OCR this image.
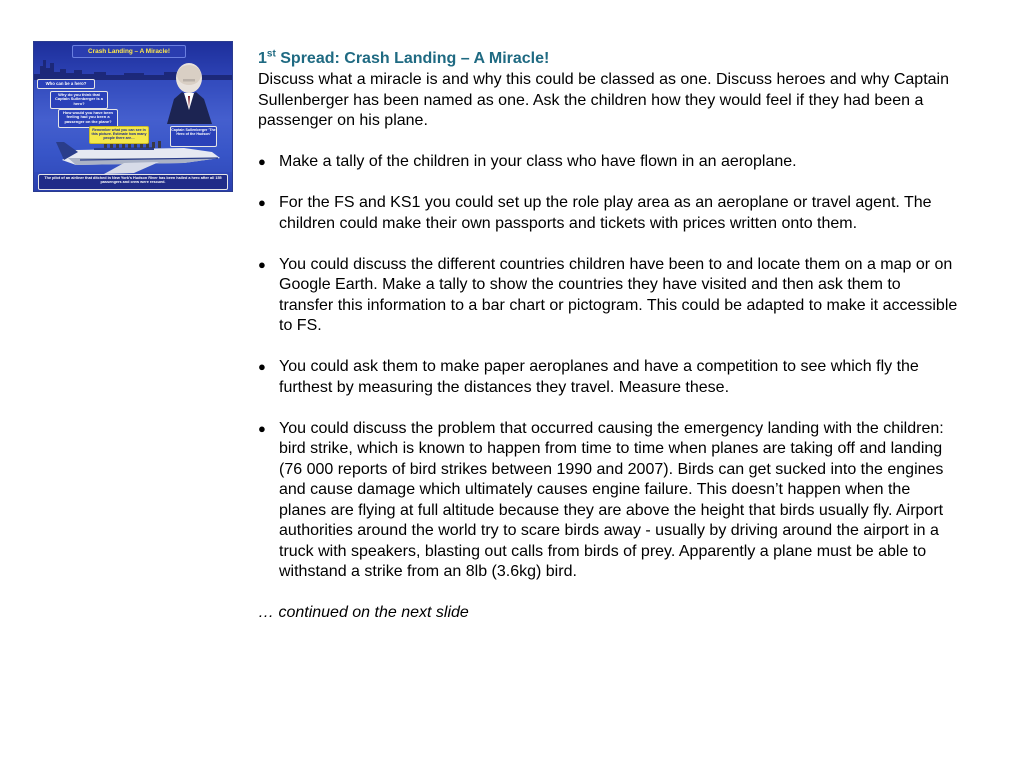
Crash Landing – A Miracle!
Who can be a hero?
Why do you think that Captain Sullenberger is a hero?
How would you have been feeling had you been a passenger on the plane?
Remember what you can see in this picture. Estimate how many people there are…
Captain Sullenberger 'The Hero of the Hudson'
The pilot of an airliner that ditched in New York's Hudson River has been hailed a hero after all 155 passengers and crew were rescued.
1st Spread: Crash Landing – A Miracle!

Discuss what a miracle is and why this could be classed as one. Discuss heroes and why Captain Sullenberger has been named as one. Ask the children how they would feel if they had been a passenger on his plane.

● Make a tally of the children in your class who have flown in an aeroplane.
● For the FS and KS1 you could set up the role play area as an aeroplane or travel agent. The children could make their own passports and tickets with prices written onto them.
● You could discuss the different countries children have been to and locate them on a map or on Google Earth. Make a tally to show the countries they have visited and then ask them to transfer this information to a bar chart or pictogram. This could be adapted to make it accessible to FS.
● You could ask them to make paper aeroplanes and have a competition to see which fly the furthest by measuring the distances they travel. Measure these.
● You could discuss the problem that occurred causing the emergency landing with the children: bird strike, which is known to happen from time to time when planes are taking off and landing (76 000 reports of bird strikes between 1990 and 2007). Birds can get sucked into the engines and cause damage which ultimately causes engine failure. This doesn’t happen when the planes are flying at full altitude because they are above the height that birds usually fly. Airport authorities around the world try to scare birds away - usually by driving around the airport in a truck with speakers, blasting out calls from birds of prey. Apparently a plane must be able to withstand a strike from an 8lb (3.6kg) bird.

… continued on the next slide
